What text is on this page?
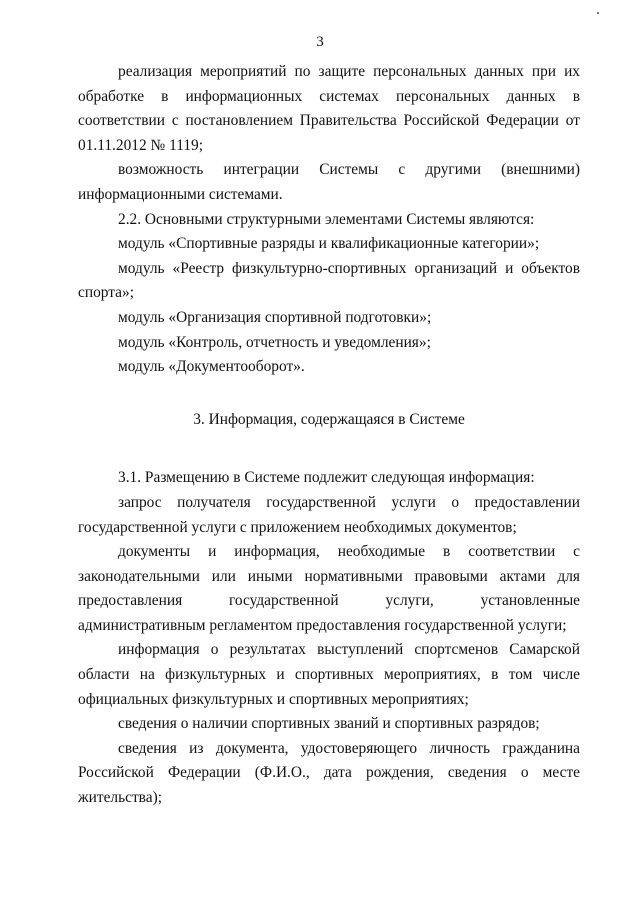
3

реализация мероприятий по защите персональных данных при их обработке в информационных системах персональных данных в соответствии с постановлением Правительства Российской Федерации от 01.11.2012 № 1119;

возможность интеграции Системы с другими (внешними) информационными системами.

2.2. Основными структурными элементами Системы являются:

модуль «Спортивные разряды и квалификационные категории»;

модуль «Реестр физкультурно-спортивных организаций и объектов спорта»;

модуль «Организация спортивной подготовки»;

модуль «Контроль, отчетность и уведомления»;

модуль «Документооборот».

3. Информация, содержащаяся в Системе

3.1. Размещению в Системе подлежит следующая информация:

запрос получателя государственной услуги о предоставлении государственной услуги с приложением необходимых документов;

документы и информация, необходимые в соответствии с законодательными или иными нормативными правовыми актами для предоставления государственной услуги, установленные административным регламентом предоставления государственной услуги;

информация о результатах выступлений спортсменов Самарской области на физкультурных и спортивных мероприятиях, в том числе официальных физкультурных и спортивных мероприятиях;

сведения о наличии спортивных званий и спортивных разрядов;

сведения из документа, удостоверяющего личность гражданина Российской Федерации (Ф.И.О., дата рождения, сведения о месте жительства);
